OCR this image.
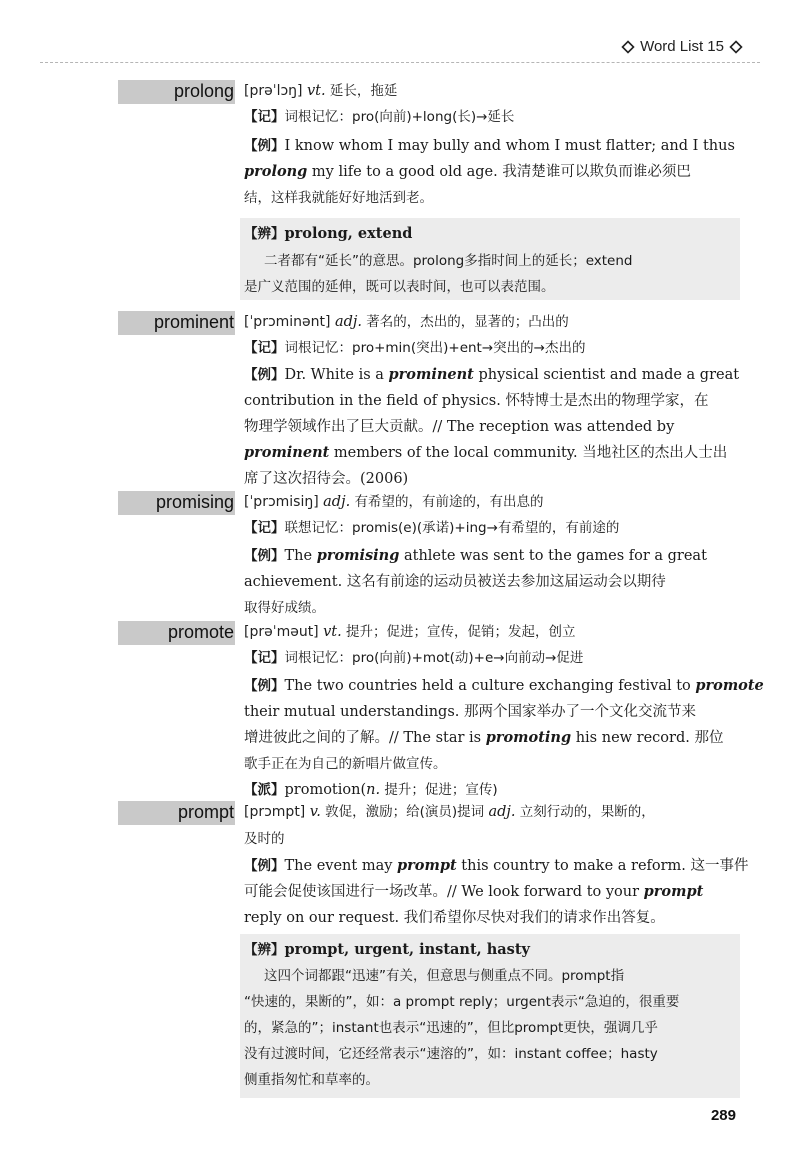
Word List 15
prolong [prəˈlɔŋ] vt. 延长，拖延
【记】词根记忆：pro(向前)+long(长)→延长
【例】I know whom I may bully and whom I must flatter; and I thus
prolong my life to a good old age. 我清楚谁可以欺负而谁必须巴
结，这样我就能好好地活到老。
【辨】prolong, extend
二者都有“延长”的意思。prolong多指时间上的延长；extend
是广义范围的延伸，既可以表时间，也可以表范围。
prominent [ˈprɔminənt] adj. 著名的，杰出的，显著的；凸出的
【记】词根记忆：pro+min(突出)+ent→突出的→杰出的
【例】Dr. White is a prominent physical scientist and made a great
contribution in the field of physics. 怀特博士是杰出的物理学家，在
物理学领域作出了巨大贡献。// The reception was attended by
prominent members of the local community. 当地社区的杰出人士出
席了这次招待会。(2006)
promising [ˈprɔmisiŋ] adj. 有希望的，有前途的，有出息的
【记】联想记忆：promis(e)(承诺)+ing→有希望的，有前途的
【例】The promising athlete was sent to the games for a great
achievement. 这名有前途的运动员被送去参加这届运动会以期待
取得好成绩。
promote [prəˈməut] vt. 提升；促进；宣传，促销；发起，创立
【记】词根记忆：pro(向前)+mot(动)+e→向前动→促进
【例】The two countries held a culture exchanging festival to promote
their mutual understandings. 那两个国家举办了一个文化交流节来
增进彼此之间的了解。// The star is promoting his new record. 那位
歌手正在为自己的新唱片做宣传。
【派】promotion(n. 提升；促进；宣传)
prompt [prɔmpt] v. 敦促，激励；给(演员)提词 adj. 立刻行动的，果断的，
及时的
【例】The event may prompt this country to make a reform. 这一事件
可能会促使该国进行一场改革。// We look forward to your prompt
reply on our request. 我们希望你尽快对我们的请求作出答复。
【辨】prompt, urgent, instant, hasty
这四个词都跟“迅速”有关，但意思与侧重点不同。prompt指
“快速的，果断的”，如：a prompt reply；urgent表示“急迫的，很重要
的，紧急的”；instant也表示“迅速的”，但比prompt更快，强调几乎
没有过渡时间，它还经常表示“速溶的”，如：instant coffee；hasty
侧重指匆忙和草率的。
289
